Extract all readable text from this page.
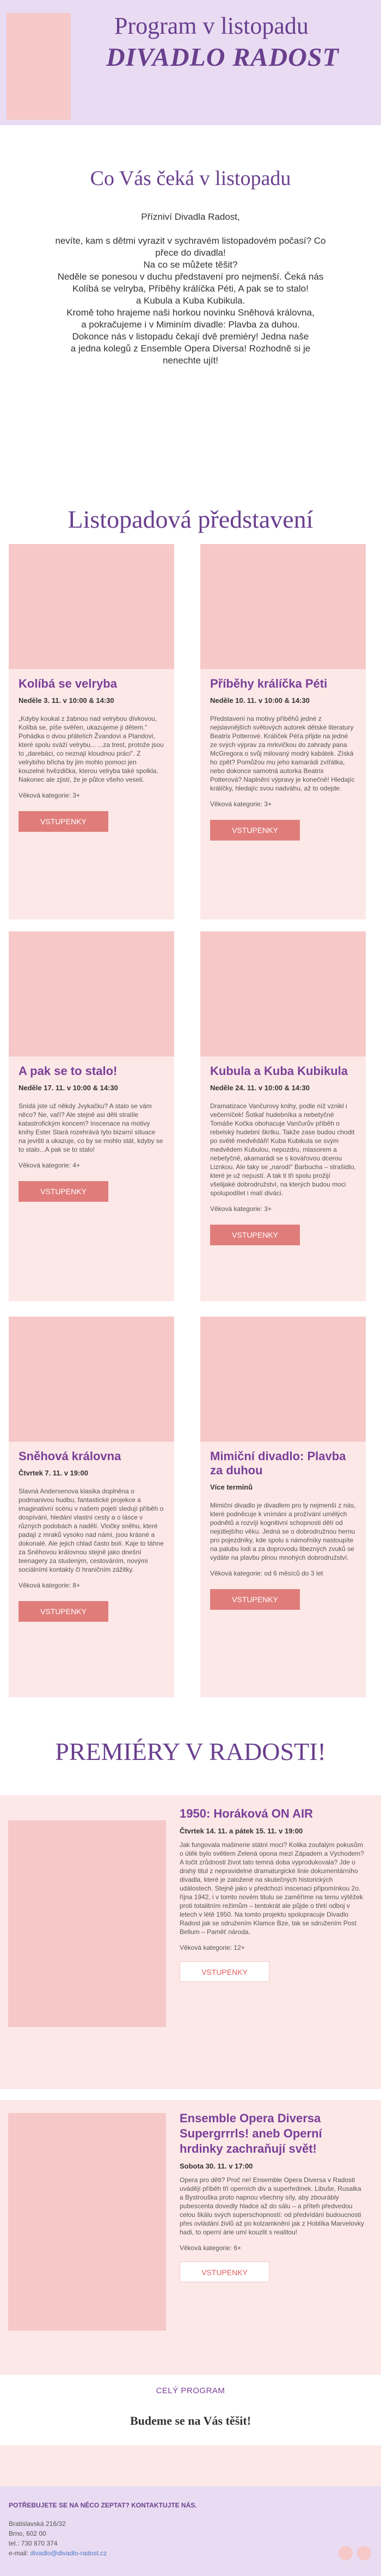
Program v listopadu
DIVADLO RADOST
Co Vás čeká v listopadu

Přízniví Divadla Radost,

nevíte, kam s dětmi vyrazit v sychravém listopadovém počasí? Co
přece do divadla!
Na co se můžete těšit?
Neděle se ponesou v duchu představení pro nejmenší. Čeká nás
Kolíbá se velryba, Příběhy králíčka Péti, A pak se to stalo!
a Kubula a Kuba Kubikula.
Kromě toho hrajeme naši horkou novinku Sněhová královna,
a pokračujeme i v Miminím divadle: Plavba za duhou.
Dokonce nás v listopadu čekají dvě premiéry! Jedna naše
a jedna kolegů z Ensemble Opera Diversa! Rozhodně si je
nenechte ujít!

Listopadová představení
Kolíbá se velryba
Neděle 3. 11. v 10:00 & 14:30
„Kdyby koukal z žabnou nad velrybou dívkovou, Kolíbá se, píše svěřen, ukazujeme ji dětem." Pohádka o dvou přátelích Žvandovi a Plandovi, které spolu sváží velrybu... ...za trest, protože jsou to „darebáci, co neznají kloudnou práci". Z velrybího břicha by jim mohlo pomoci jen kouzelné hvězdička, kterou velryba také spolkla. Nakonec ale zjistí, že je půlce všeho veselí.
Věková kategorie: 3+
VSTUPENKY
Příběhy králíčka Péti
Neděle 10. 11. v 10:00 & 14:30
Představení na motivy příběhů jedné z nejslavnějších světových autorek dětské literatury Beatrix Potterové. Králíček Péťa přijde na jedné ze svých výprav za mrkvičkou do zahrady pana McGregora o svůj milovaný modrý kabátek. Získá ho zpět? Pomůžou mu jeho kamarádi zvířátka, nebo dokonce samotná autorka Beatrix Potterová? Naplnění výpravy je konečně! Hledajíc králíčky, hledajíc svou nadváhu, až to odejde.
Věková kategorie: 3+
VSTUPENKY
A pak se to stalo!
Neděle 17. 11. v 10:00 & 14:30
Snídá jste už někdy Jvykačku? A stalo se vám něco? Ne, vaří? Ale stejně asi děti stralíle katastrofickým koncem? Inscenace na motivy knihy Ester Stará rozehrává tyto bizarní situace na jevišti a ukazuje, co by se mohlo stát, kdyby se to stalo...A pak se to stalo!
Věková kategorie: 4+
VSTUPENKY
Kubula a Kuba Kubikula
Neděle 24. 11. v 10:00 & 14:30
Dramatizace Vančurovy knihy, podle níž vznikl i večerníček! Šotkař hudebníka a nebetyčné Tomáše Kočka obohacuje Vančurův příběh o rebelský hudební škrtku. Takže zase budou chodit po světě medvědáři! Kuba Kubikula se svým medvědem Kubulou, nepozdru, mlasorem a nebetyčně, akamarádi se s kovářovou dcerou Liznkou. Ale taky se „narodí" Barbucha – strašidlo, které je už nepustí. A tak ti tři spolu prožijí všelijaké dobrodružství, na kterých budou moci spolupodílet i malí diváci.
Věková kategorie: 3+
VSTUPENKY
Sněhová královna
Čtvrtek 7. 11. v 19:00
Slavná Andersenova klasika doplněna o podmanivou hudbu, fantastické projekce a imaginativní scénu v našem pojetí sledují příběh o dospívání, hledání vlastní cesty a o lásce v různých podobách a nadělí. Vločky sněhu, které padají z mraků vysoko nad námi, jsou krásné a dokonalé. Ale jejich chlad často bolí. Kaje to táhne za Sněhovou královnou stejně jako dnešní teenagery za studeným, cestováním, novými sociálními kontakty či hraničním zážitky.
Věková kategorie: 8+
VSTUPENKY
Mimiční divadlo: Plavba za duhou
Více termínů
Mimiční divadlo je divadlem pro ty nejmenší z nás, které podněcuje k vnímání a prožívání umělých podnětů a rozvíjí kognitivní schopnosti dětí od nejútlejšího věku. Jedná se o dobrodružnou hernu pro pojezdníky, kde spolu s námořníky nastoupíte na palubu lodi a za doprovodu libezných zvuků se vydáte na plavbu plnou mnohých dobrodružství.
Věková kategorie: od 6 měsíců do 3 let
VSTUPENKY
PREMIÉRY V RADOSTI!
1950: Horáková ON AIR
Čtvrtek 14. 11. a pátek 15. 11. v 19:00
Jak fungovala mašinerie státní moci? Kolika zoufalým pokusům o útěk bylo světlem Zelená opona mezi Západem a Východem? A točit zrůdnosti život tato temná doba vyprodukovala? Jde o drahý titul z nepravidelné dramaturgické linie dokumentárního divadla, které je založené na skutečných historických událostech. Stejně jako v předchozí inscenaci připomínkou 2o. října 1942, i v tomto novém titulu se zaměříme na temu výtěžek proti totalitním režimům – tentokrát ale půjde o třetí odboj v letech v létě 1950. Na tomto projektu spolupracuje Divadlo Radost jak se sdružením Klamce Bze, tak se sdružením Post Bellum – Paměť národa.
Věková kategorie: 12+
VSTUPENKY
Ensemble Opera Diversa Supergrrrls! aneb Operní hrdinky zachraňují svět!
Sobota 30. 11. v 17:00
Opera pro děti? Proč ne! Ensemble Opera Diversa v Radosti uvádějí příběh tří operních div a superhrdinek. Libuše, Rusalka a Bystrouška proto napnou všechny síly, aby zbourábly pubescenta dovedly hladce až do sálu – a příteh předvedou celou škálu svých superschopností: od předvídání budoucnosti přes ovládání živlů až po kolzamknění jak z Hoblíka Marvelovky hadi, to operní árie umí kouzlit s realitou!
Věková kategorie: 6+
VSTUPENKY
CELÝ PROGRAM
Budeme se na Vás těšit!
POTŘEBUJETE SE NA NĚCO ZEPTAT? KONTAKTUJTE NÁS.
Bratislavská 216/32
Brno, 602 00
tel.: 730 870 374
e-mail: divadlo@divadlo-radost.cz
